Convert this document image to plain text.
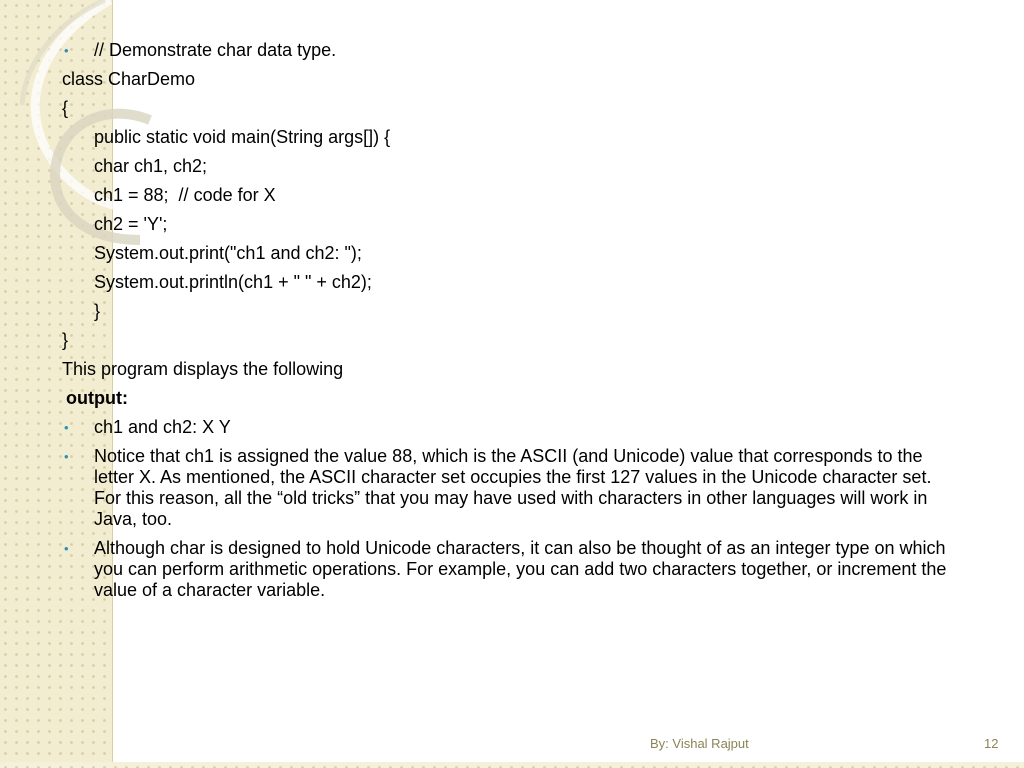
• // Demonstrate char data type.

class CharDemo

{

public static void main(String args[]) {

char ch1, ch2;

ch1 = 88;  // code for X

ch2 = 'Y';

System.out.print("ch1 and ch2: ");

System.out.println(ch1 + " " + ch2);

}

}

This program displays the following

output:

• ch1 and ch2: X Y

• Notice that ch1 is assigned the value 88, which is the ASCII (and Unicode) value that corresponds to the letter X. As mentioned, the ASCII character set occupies the first 127 values in the Unicode character set. For this reason, all the “old tricks” that you may have used with characters in other languages will work in Java, too.

• Although char is designed to hold Unicode characters, it can also be thought of as an integer type on which you can perform arithmetic operations. For example, you can add two characters together, or increment the value of a character variable.

By: Vishal Rajput	12
